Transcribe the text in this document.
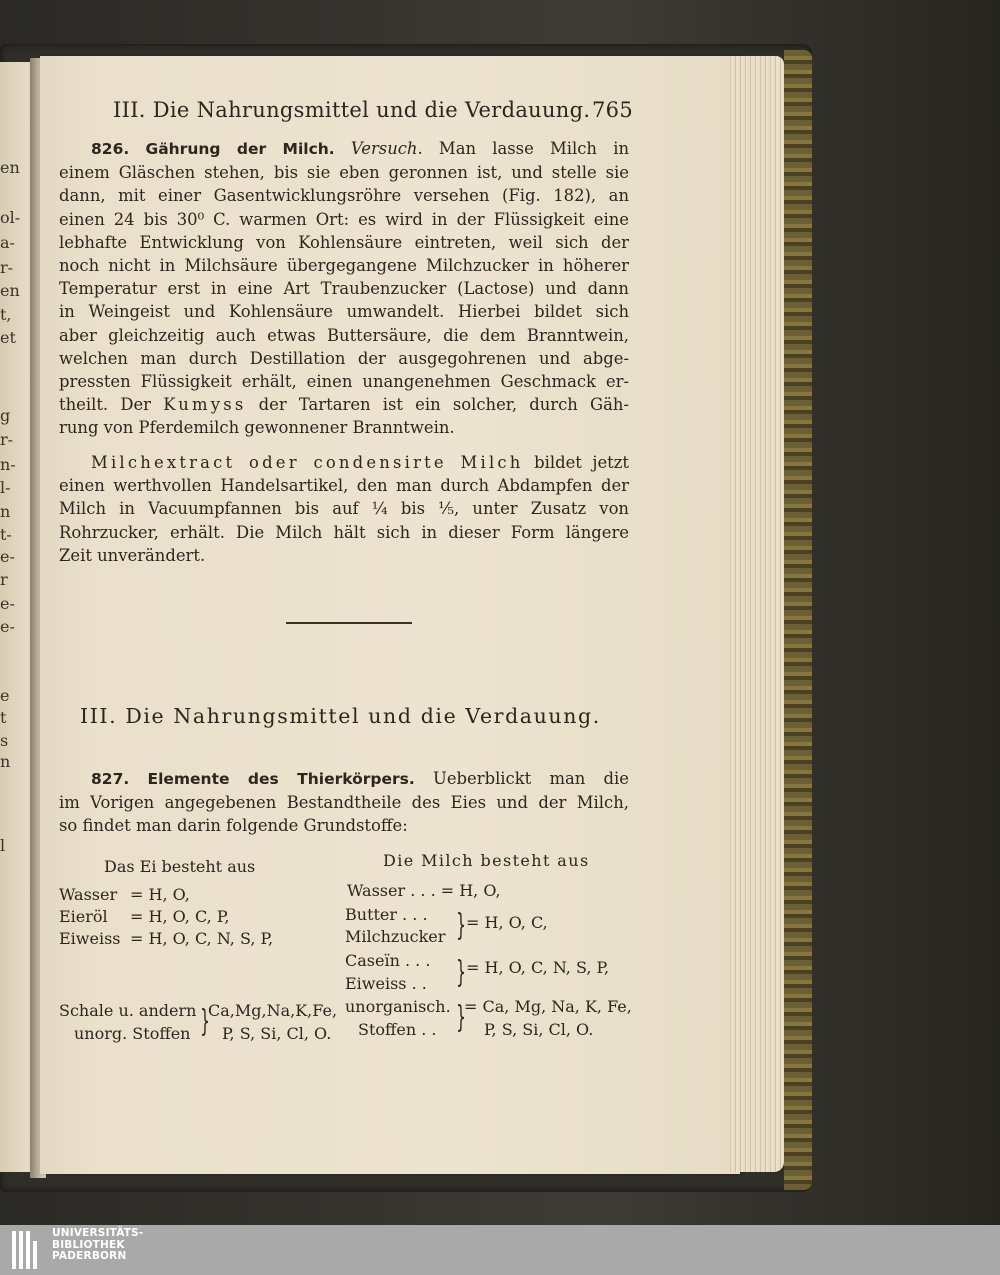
en
ol-
a-
r-
en
t,
et
g
r-
n-
l-
n
t-
e-
r
e-
e-
e
t
s
n
l
III. Die Nahrungsmittel und die Verdauung. 765
826. Gährung der Milch. Versuch. Man lasse Milch in
einem Gläschen stehen, bis sie eben geronnen ist, und stelle sie
dann, mit einer Gasentwicklungsröhre versehen (Fig. 182), an
einen 24 bis 30⁰ C. warmen Ort: es wird in der Flüssigkeit eine
lebhafte Entwicklung von Kohlensäure eintreten, weil sich der
noch nicht in Milchsäure übergegangene Milchzucker in höherer
Temperatur erst in eine Art Traubenzucker (Lactose) und dann
in Weingeist und Kohlensäure umwandelt. Hierbei bildet sich
aber gleichzeitig auch etwas Buttersäure, die dem Branntwein,
welchen man durch Destillation der ausgegohrenen und abge-
pressten Flüssigkeit erhält, einen unangenehmen Geschmack er-
theilt. Der Kumyss der Tartaren ist ein solcher, durch Gäh-
rung von Pferdemilch gewonnener Branntwein.
Milchextract oder condensirte Milch bildet jetzt
einen werthvollen Handelsartikel, den man durch Abdampfen der
Milch in Vacuumpfannen bis auf ¼ bis ⅕, unter Zusatz von
Rohrzucker, erhält. Die Milch hält sich in dieser Form längere
Zeit unverändert.
III. Die Nahrungsmittel und die Verdauung.
827. Elemente des Thierkörpers. Ueberblickt man die
im Vorigen angegebenen Bestandtheile des Eies und der Milch,
so findet man darin folgende Grundstoffe:
Das Ei besteht aus	Die Milch besteht aus
Wasser = H, O,
Eieröl = H, O, C, P,
Eiweiss = H, O, C, N, S, P,
Schale u. andern
unorg. Stoffen }
Ca,Mg,Na,K,Fe,
P, S, Si, Cl, O.
Wasser . . . = H, O,
Butter . . .
Milchzucker } = H, O, C,
Caseïn . . .
Eiweiss . . } = H, O, C, N, S, P,
unorganisch.
Stoffen . . }
= Ca, Mg, Na, K, Fe,
P, S, Si, Cl, O.
UNIVERSITÄTS-
BIBLIOTHEK
PADERBORN
